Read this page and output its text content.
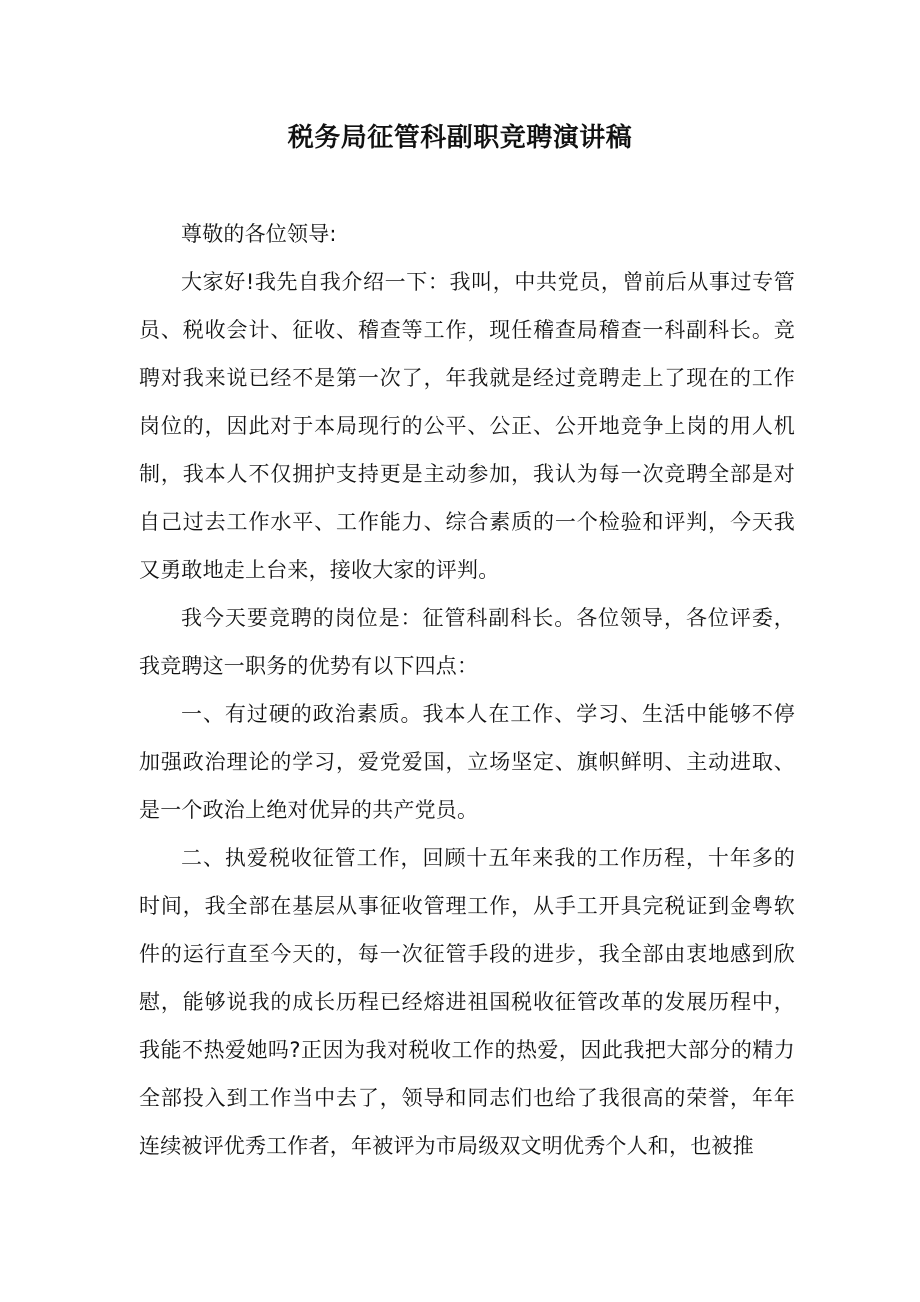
税务局征管科副职竞聘演讲稿

尊敬的各位领导:

大家好!我先自我介绍一下：我叫，中共党员，曾前后从事过专管员、税收会计、征收、稽查等工作，现任稽查局稽查一科副科长。竞聘对我来说已经不是第一次了，年我就是经过竞聘走上了现在的工作岗位的，因此对于本局现行的公平、公正、公开地竞争上岗的用人机制，我本人不仅拥护支持更是主动参加，我认为每一次竞聘全部是对自己过去工作水平、工作能力、综合素质的一个检验和评判，今天我又勇敢地走上台来，接收大家的评判。

我今天要竞聘的岗位是：征管科副科长。各位领导，各位评委，我竞聘这一职务的优势有以下四点：

一、有过硬的政治素质。我本人在工作、学习、生活中能够不停加强政治理论的学习，爱党爱国，立场坚定、旗帜鲜明、主动进取、是一个政治上绝对优异的共产党员。

二、执爱税收征管工作，回顾十五年来我的工作历程，十年多的时间，我全部在基层从事征收管理工作，从手工开具完税证到金粤软件的运行直至今天的，每一次征管手段的进步，我全部由衷地感到欣慰，能够说我的成长历程已经熔进祖国税收征管改革的发展历程中，我能不热爱她吗?正因为我对税收工作的热爱，因此我把大部分的精力全部投入到工作当中去了，领导和同志们也给了我很高的荣誉，年年连续被评优秀工作者，年被评为市局级双文明优秀个人和，也被推
